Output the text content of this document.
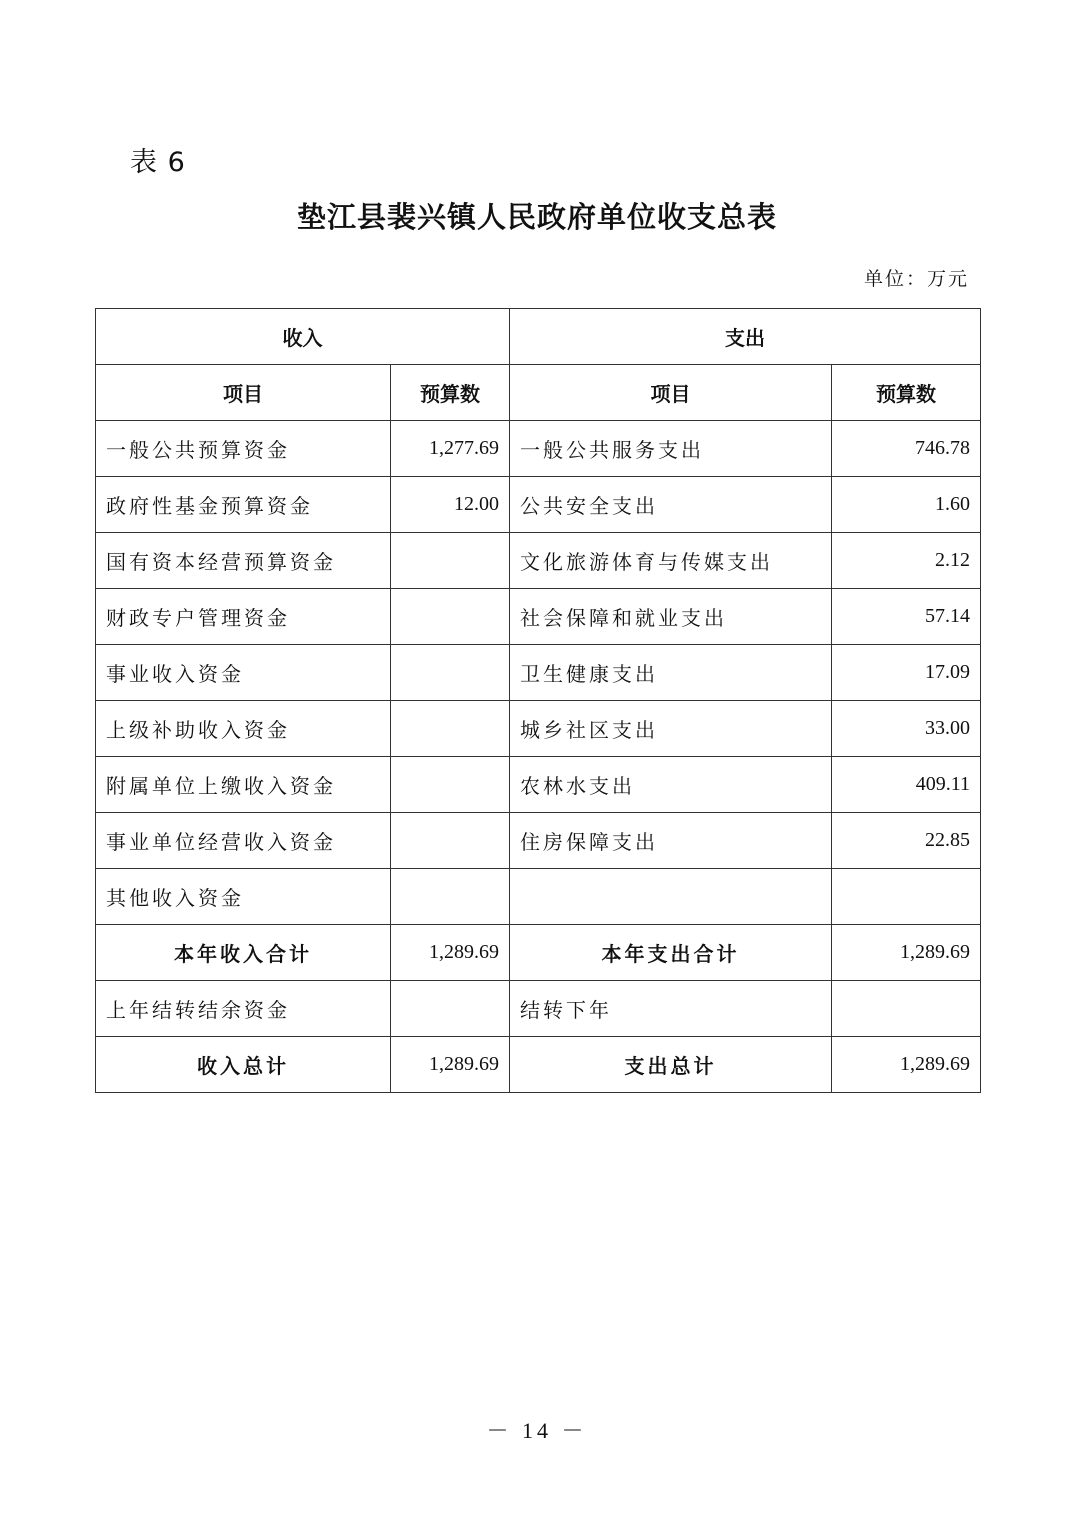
表 6
垫江县裴兴镇人民政府单位收支总表
单位：万元
收入		支出	
项目	预算数	项目	预算数
一般公共预算资金	1,277.69	一般公共服务支出	746.78
政府性基金预算资金	12.00	公共安全支出	1.60
国有资本经营预算资金		文化旅游体育与传媒支出	2.12
财政专户管理资金		社会保障和就业支出	57.14
事业收入资金		卫生健康支出	17.09
上级补助收入资金		城乡社区支出	33.00
附属单位上缴收入资金		农林水支出	409.11
事业单位经营收入资金		住房保障支出	22.85
其他收入资金			
本年收入合计	1,289.69	本年支出合计	1,289.69
上年结转结余资金		结转下年	
收入总计	1,289.69	支出总计	1,289.69
－ 14 －
